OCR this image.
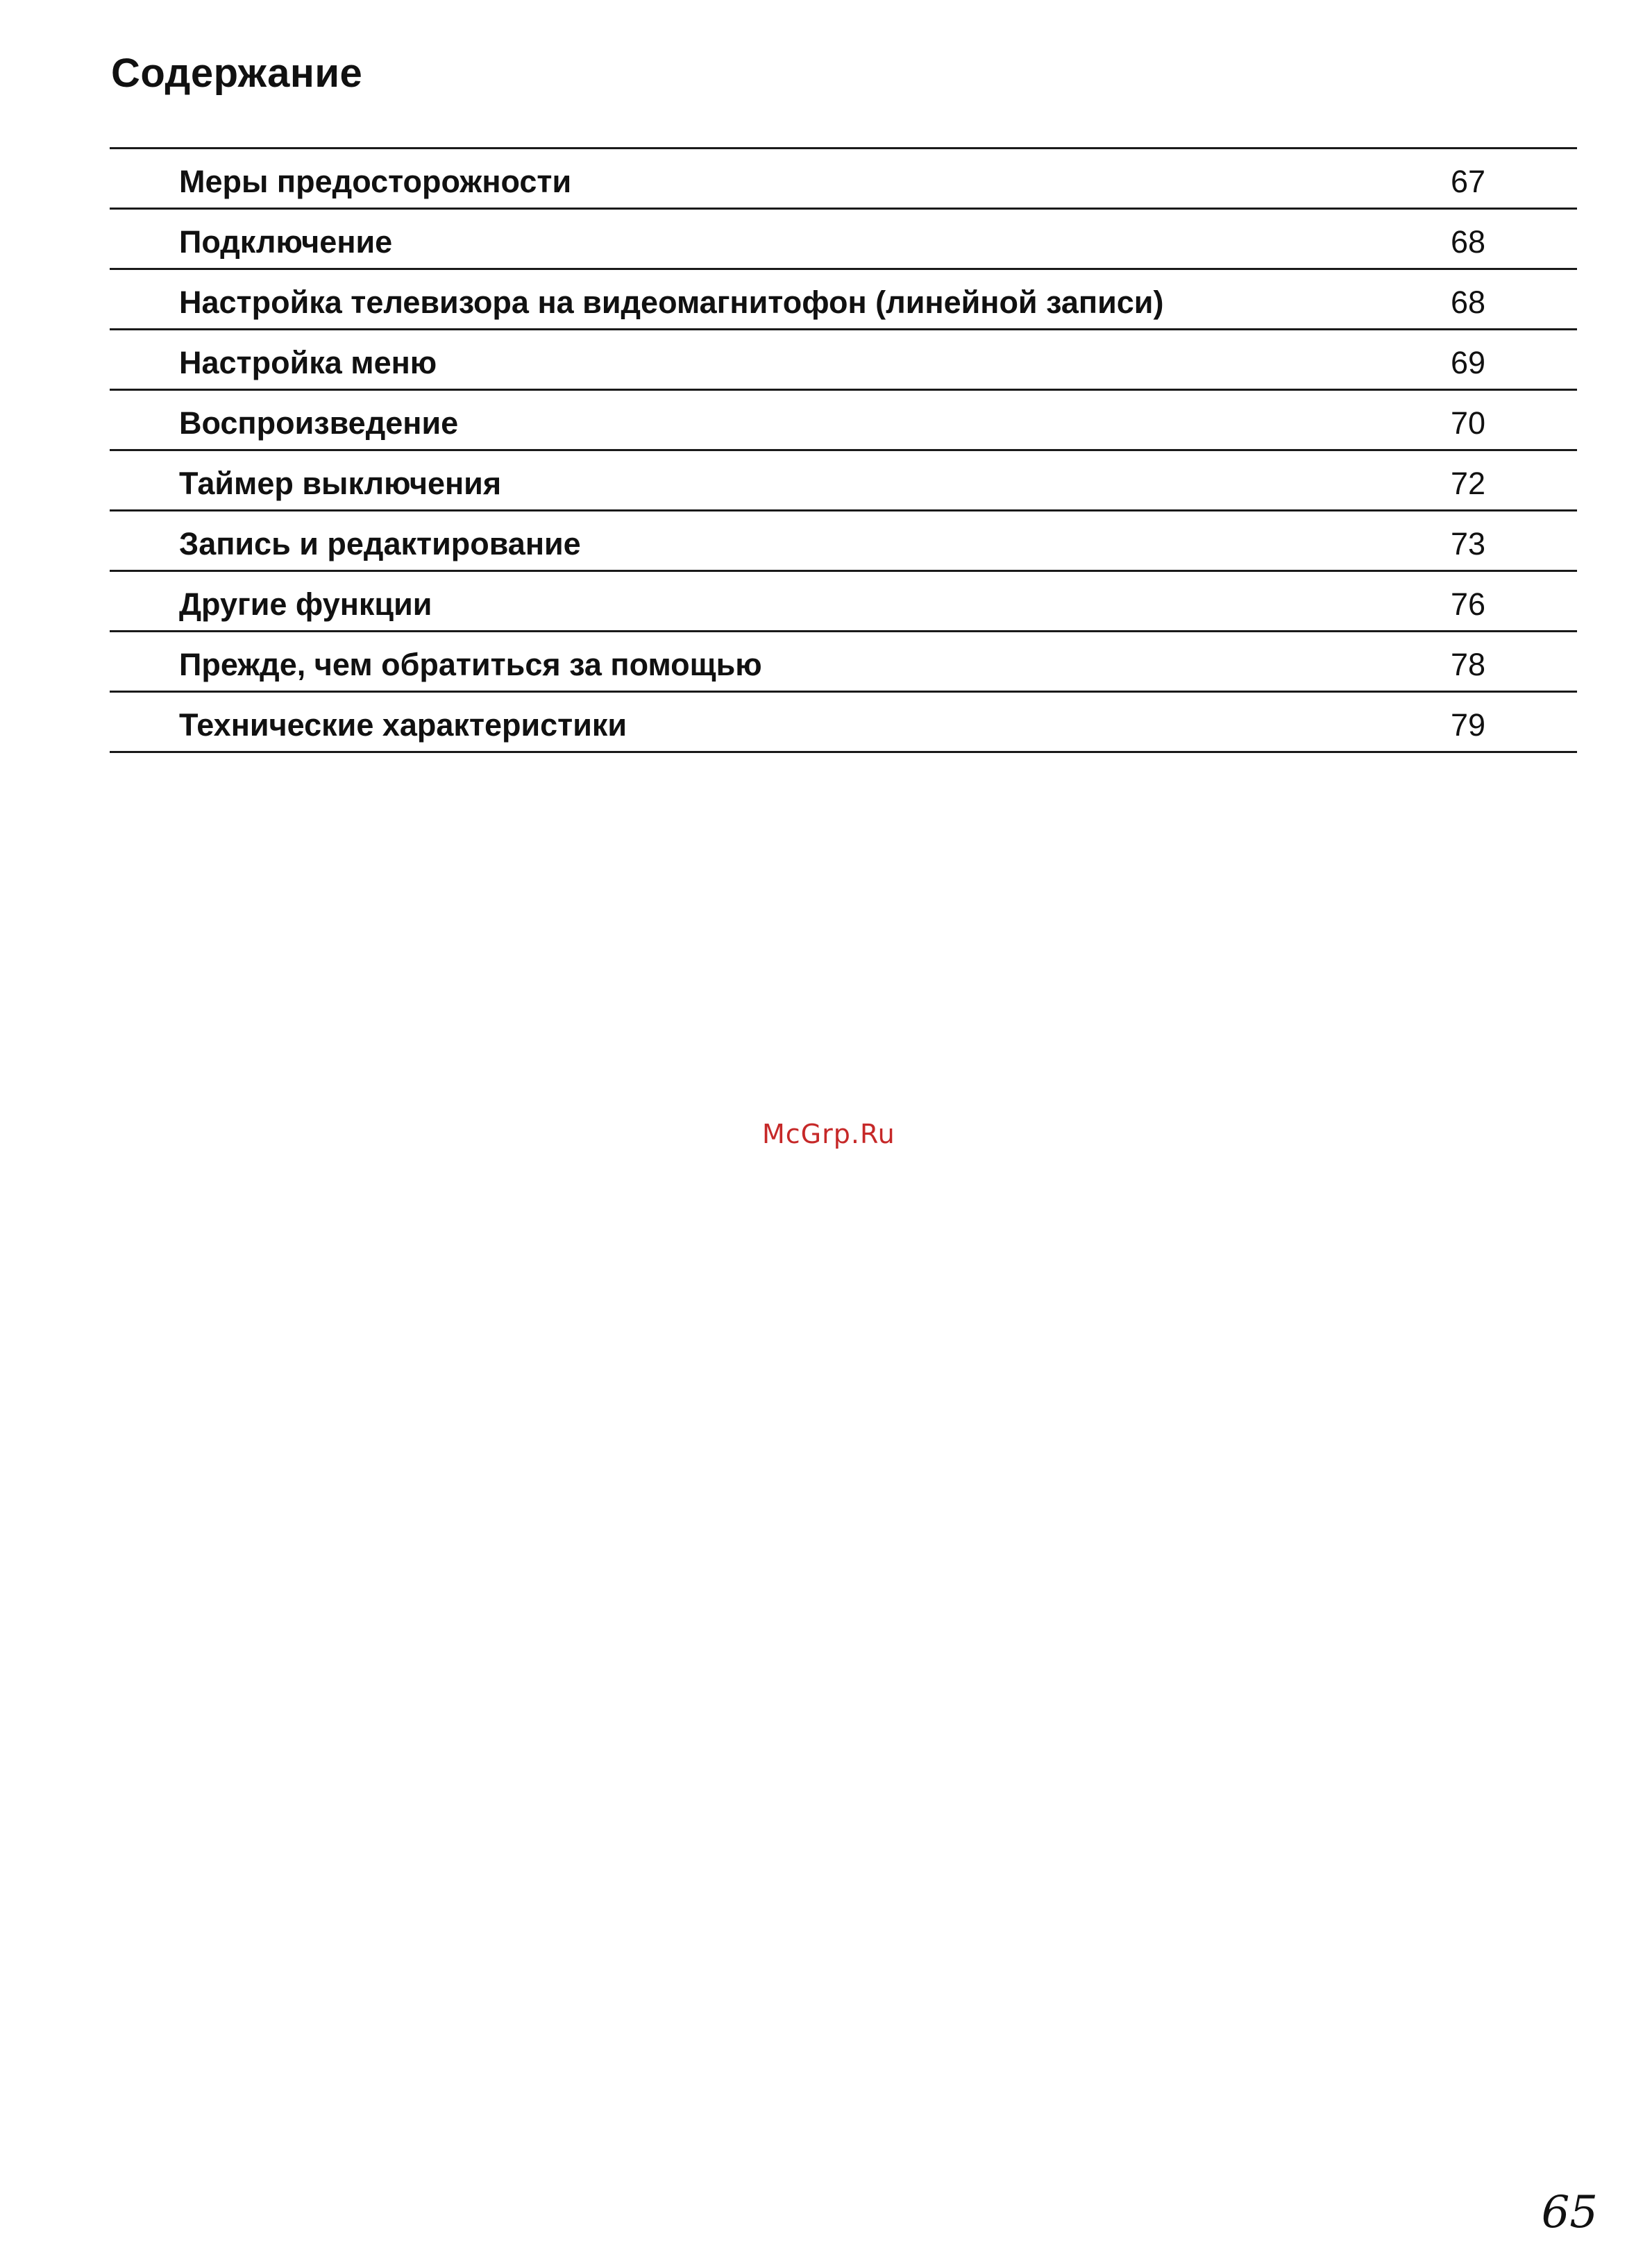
Содержание
Меры предосторожности	67
Подключение	68
Настройка телевизора на видеомагнитофон (линейной записи)	68
Настройка меню	69
Воспроизведение	70
Таймер выключения	72
Запись и редактирование	73
Другие функции	76
Прежде, чем обратиться за помощью	78
Технические характеристики	79
McGrp.Ru
65
